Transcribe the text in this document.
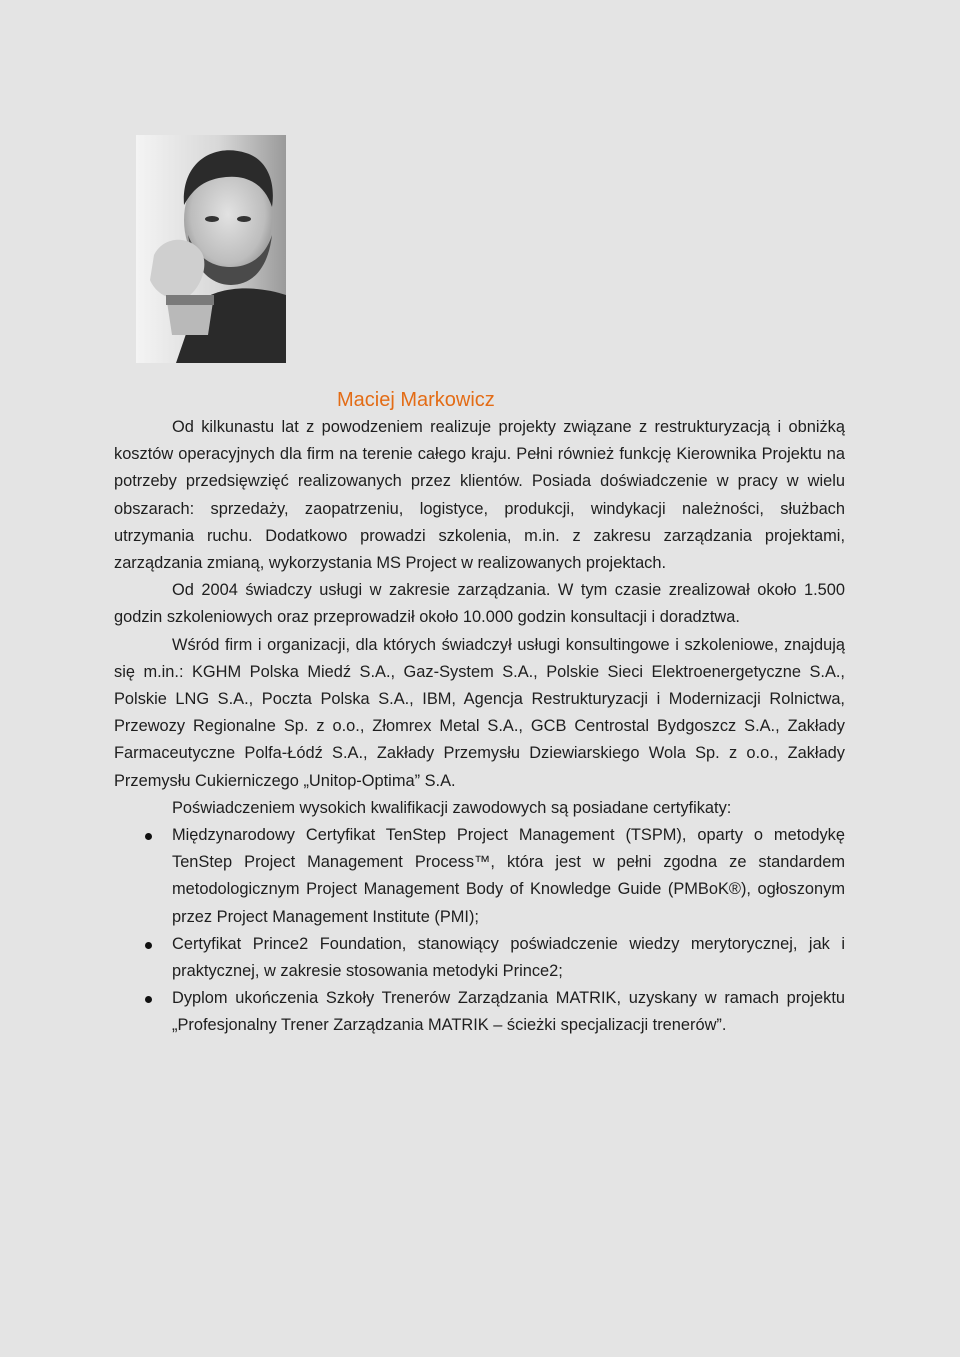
Maciej Markowicz

Od kilkunastu lat z powodzeniem realizuje projekty związane z restrukturyzacją i obniżką kosztów operacyjnych dla firm na terenie całego kraju. Pełni również funkcję Kierownika Projektu na potrzeby przedsięwzięć realizowanych przez klientów. Posiada doświadczenie w pracy w wielu obszarach: sprzedaży, zaopatrzeniu, logistyce, produkcji, windykacji należności, służbach utrzymania ruchu. Dodatkowo prowadzi szkolenia, m.in. z zakresu zarządzania projektami, zarządzania zmianą, wykorzystania MS Project w realizowanych projektach.

Od 2004 świadczy usługi w zakresie zarządzania. W tym czasie zrealizował około 1.500 godzin szkoleniowych oraz przeprowadził około 10.000 godzin konsultacji i doradztwa.

Wśród firm i organizacji, dla których świadczył usługi konsultingowe i szkoleniowe, znajdują się m.in.: KGHM Polska Miedź S.A., Gaz-System S.A., Polskie Sieci Elektroenergetyczne S.A., Polskie LNG S.A., Poczta Polska S.A., IBM, Agencja Restrukturyzacji i Modernizacji Rolnictwa, Przewozy Regionalne Sp. z o.o., Złomrex Metal S.A., GCB Centrostal Bydgoszcz S.A., Zakłady Farmaceutyczne Polfa-Łódź S.A., Zakłady Przemysłu Dziewiarskiego Wola Sp. z o.o., Zakłady Przemysłu Cukierniczego „Unitop-Optima” S.A.

Poświadczeniem wysokich kwalifikacji zawodowych są posiadane certyfikaty:

Międzynarodowy Certyfikat TenStep Project Management (TSPM), oparty o metodykę TenStep Project Management Process™, która jest w pełni zgodna ze standardem metodologicznym Project Management Body of Knowledge Guide (PMBoK®), ogłoszonym przez Project Management Institute (PMI);
Certyfikat Prince2 Foundation, stanowiący poświadczenie wiedzy merytorycznej, jak i praktycznej, w zakresie stosowania metodyki Prince2;
Dyplom ukończenia Szkoły Trenerów Zarządzania MATRIK, uzyskany w ramach projektu „Profesjonalny Trener Zarządzania MATRIK – ścieżki specjalizacji trenerów”.
